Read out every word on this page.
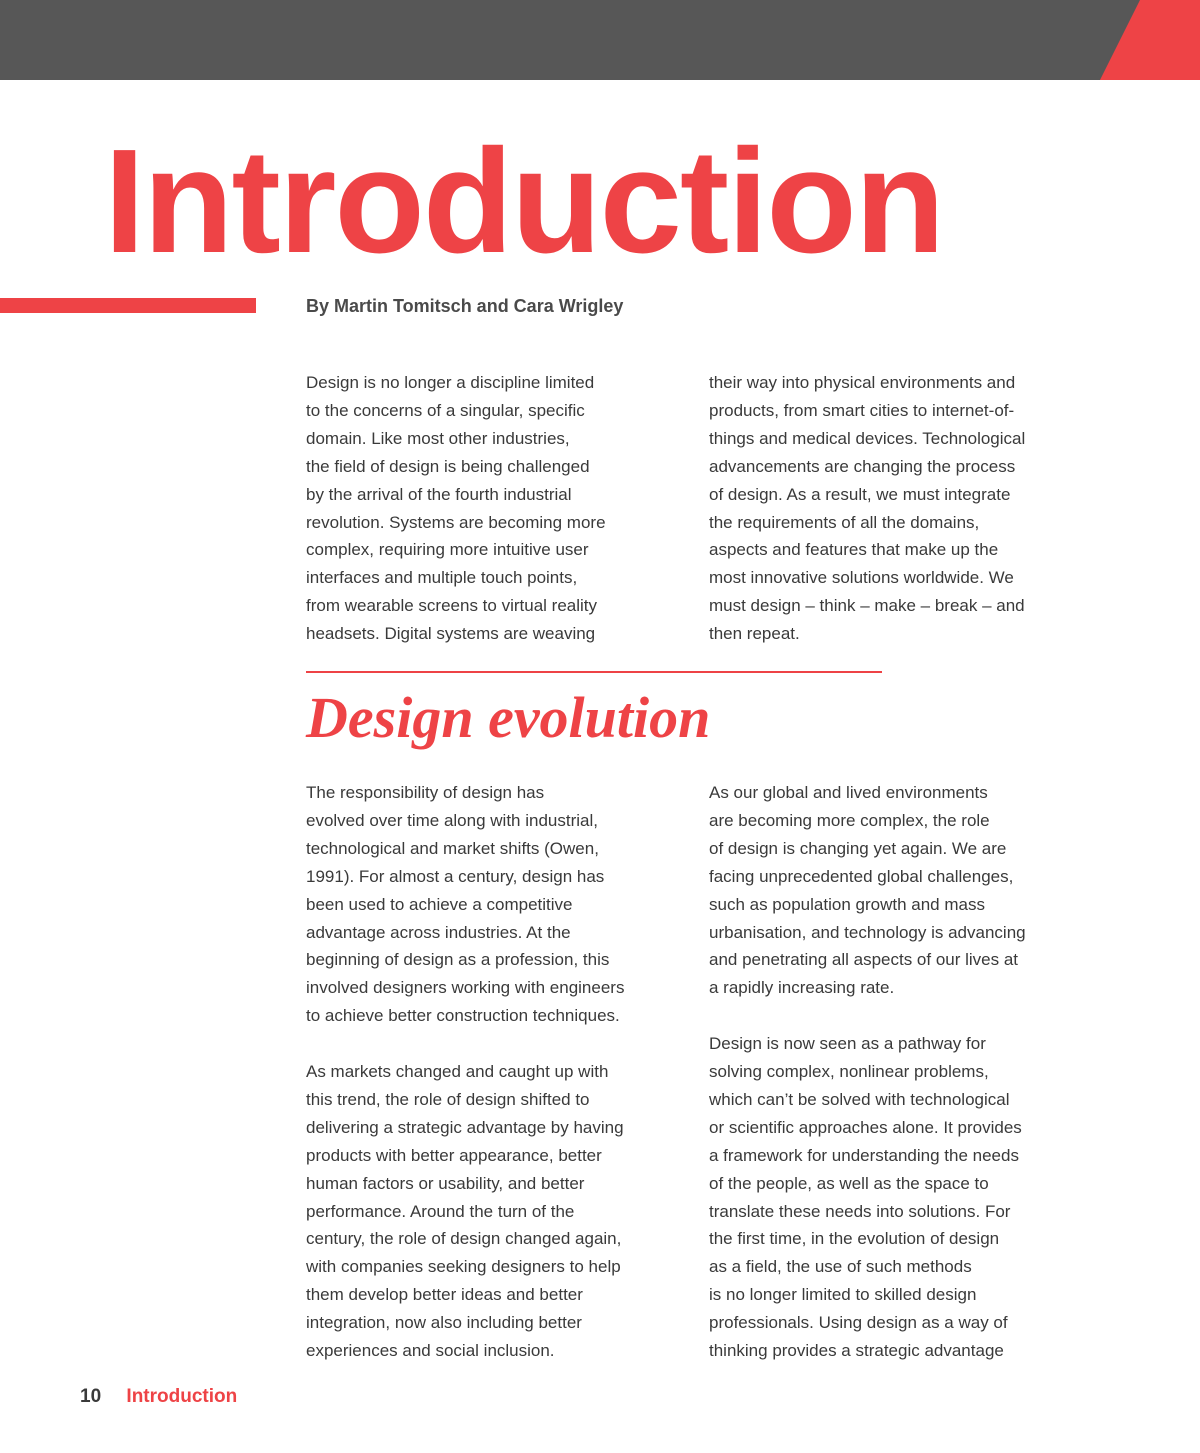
Introduction
By Martin Tomitsch and Cara Wrigley
Design is no longer a discipline limited
to the concerns of a singular, specific
domain. Like most other industries,
the field of design is being challenged
by the arrival of the fourth industrial
revolution. Systems are becoming more
complex, requiring more intuitive user
interfaces and multiple touch points,
from wearable screens to virtual reality
headsets. Digital systems are weaving
their way into physical environments and
products, from smart cities to internet-of-
things and medical devices. Technological
advancements are changing the process
of design. As a result, we must integrate
the requirements of all the domains,
aspects and features that make up the
most innovative solutions worldwide. We
must design – think – make – break – and
then repeat.
Design evolution
The responsibility of design has
evolved over time along with industrial,
technological and market shifts (Owen,
1991). For almost a century, design has
been used to achieve a competitive
advantage across industries. At the
beginning of design as a profession, this
involved designers working with engineers
to achieve better construction techniques.
As markets changed and caught up with
this trend, the role of design shifted to
delivering a strategic advantage by having
products with better appearance, better
human factors or usability, and better
performance. Around the turn of the
century, the role of design changed again,
with companies seeking designers to help
them develop better ideas and better
integration, now also including better
experiences and social inclusion.
As our global and lived environments
are becoming more complex, the role
of design is changing yet again. We are
facing unprecedented global challenges,
such as population growth and mass
urbanisation, and technology is advancing
and penetrating all aspects of our lives at
a rapidly increasing rate.
Design is now seen as a pathway for
solving complex, nonlinear problems,
which can’t be solved with technological
or scientific approaches alone. It provides
a framework for understanding the needs
of the people, as well as the space to
translate these needs into solutions. For
the first time, in the evolution of design
as a field, the use of such methods
is no longer limited to skilled design
professionals. Using design as a way of
thinking provides a strategic advantage
10 Introduction
